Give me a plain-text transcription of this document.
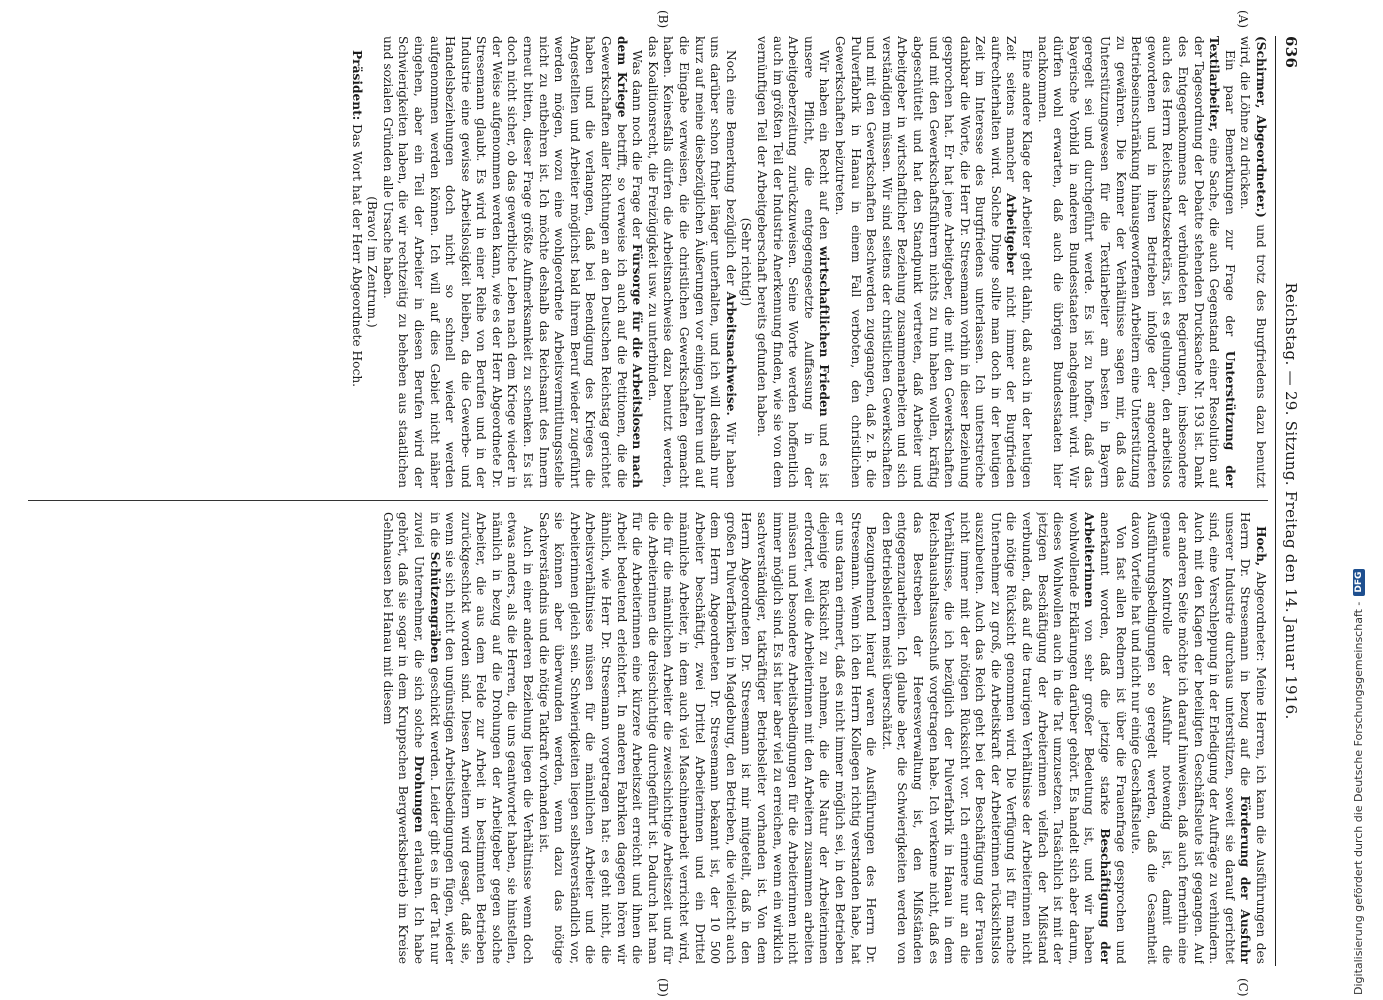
636
Reichstag. — 29. Sitzung. Freitag den 14. Januar 1916.
(A)
(B)
(C)
(D)

(Schirmer, Abgeordneter.) und trotz des Burgfriedens dazu benutzt wird, die Löhne zu drücken.

Ein paar Bemerkungen zur Frage der Unterstützung der Textilarbeiter, eine Sache, die auch Gegenstand einer Resolution auf der Tagesordnung der Debatte stehenden Drucksache Nr. 193 ist. Dank des Entgegenkommens der verbündeten Regierungen, insbesondere auch des Herrn Reichsschatzsekretärs, ist es gelungen, den arbeitslos gewordenen und in ihren Betrieben infolge der angeordneten Betriebseinschränkung hinausgeworfenen Arbeitern eine Unterstützung zu gewähren. Die Kenner der Verhältnisse sagen mir, daß das Unterstützungswesen für die Textilarbeiter am besten in Bayern geregelt sei und durchgeführt werde. Es ist zu hoffen, daß das bayerische Vorbild in anderen Bundesstaaten nachgeahmt wird. Wir dürfen wohl erwarten, daß auch die übrigen Bundesstaaten hier nachkommen.

Eine andere Klage der Arbeiter geht dahin, daß auch in der heutigen Zeit seitens mancher Arbeitgeber nicht immer der Burgfrieden aufrechterhalten wird. Solche Dinge sollte man doch in der heutigen Zeit im Interesse des Burgfriedens unterlassen. Ich unterstreiche dankbar die Worte, die Herr Dr. Stresemann vorhin in dieser Beziehung gesprochen hat. Er hat jene Arbeitgeber, die mit den Gewerkschaften und mit den Gewerkschaftsführern nichts zu tun haben wollen, kräftig abgeschüttelt und hat den Standpunkt vertreten, daß Arbeiter und Arbeitgeber in wirtschaftlicher Beziehung zusammenarbeiten und sich verständigen müssen. Wir sind seitens der christlichen Gewerkschaften und mit den Gewerkschaften Beschwerden zugegangen, daß z. B. die Pulverfabrik in Hanau in einem Fall verboten, den christlichen Gewerkschaften beizutreten.

Wir haben ein Recht auf den wirtschaftlichen Frieden und es ist unsere Pflicht, die entgegengesetzte Auffassung in der Arbeitgeberzeitung zurückzuweisen. Seine Worte werden hoffentlich auch im größten Teil der Industrie Anerkennung finden, wie sie von dem vernünftigen Teil der Arbeitgeberschaft bereits gefunden haben.

(Sehr richtig!)

Noch eine Bemerkung bezüglich der Arbeitsnachweise. Wir haben uns darüber schon früher länger unterhalten, und ich will deshalb nur kurz auf meine diesbezüglichen Äußerungen vor einigen Jahren und auf die Eingabe verweisen, die die christlichen Gewerkschaften gemacht haben. Keinesfalls dürfen die Arbeitsnachweise dazu benutzt werden, das Koalitionsrecht, die Freizügigkeit usw. zu unterbinden.

Was dann noch die Frage der Fürsorge für die Arbeitslosen nach dem Kriege betrifft, so verweise ich auch auf die Petitionen, die die Gewerkschaften aller Richtungen an den Deutschen Reichstag gerichtet haben und die verlangen, daß bei Beendigung des Krieges die Angestellten und Arbeiter möglichst bald ihrem Beruf wieder zugeführt werden mögen, wozu eine wohlgeordnete Arbeitsvermittlungsstelle nicht zu entbehren ist. Ich möchte deshalb das Reichsamt des Innern erneut bitten, dieser Frage größte Aufmerksamkeit zu schenken. Es ist doch nicht sicher, ob das gewerbliche Leben nach dem Kriege wieder in der Weise aufgenommen werden kann, wie es der Herr Abgeordnete Dr. Stresemann glaubt. Es wird in einer Reihe von Berufen und in der Industrie eine gewisse Arbeitslosigkeit bleiben, da die Gewerbe- und Handelsbeziehungen doch nicht so schnell wieder werden aufgenommen werden können. Ich will auf dies Gebiet nicht näher eingehen, aber ein Teil der Arbeiter in diesen Berufen wird der Schwierigkeiten haben, die wir rechtzeitig zu beheben aus staatlichen und sozialen Gründen alle Ursache haben.

(Bravo! im Zentrum.)

Präsident: Das Wort hat der Herr Abgeordnete Hoch.

Hoch, Abgeordneter: Meine Herren, ich kann die Ausführungen des Herrn Dr. Stresemann in bezug auf die Förderung der Ausfuhr unserer Industrie durchaus unterstützen, soweit sie darauf gerichtet sind, eine Verschleppung in der Erledigung der Aufträge zu verhindern. Auch mit den Klagen der beteiligten Geschäftsleute ist gegangen. Auf der anderen Seite möchte ich darauf hinweisen, daß auch fernerhin eine genaue Kontrolle der Ausfuhr notwendig ist, damit die Ausführungsbedingungen so geregelt werden, daß die Gesamtheit davon Vorteile hat und nicht nur einige Geschäftsleute.

Von fast allen Rednern ist über die Frauenfrage gesprochen und anerkannt worden, daß die jetzige starke Beschäftigung der Arbeiterinnen von sehr großer Bedeutung ist, und wir haben wohlwollende Erklärungen darüber gehört. Es handelt sich aber darum, dieses Wohlwollen auch in die Tat umzusetzen. Tatsächlich ist mit der jetzigen Beschäftigung der Arbeiterinnen vielfach der Mißstand verbunden, daß auf die traurigen Verhältnisse der Arbeiterinnen nicht die nötige Rücksicht genommen wird. Die Verfügung ist für manche Unternehmer zu groß, die Arbeitskraft der Arbeiterinnen rücksichtslos auszubeuten. Auch das Reich geht bei der Beschäftigung der Frauen nicht immer mit der nötigen Rücksicht vor. Ich erinnere nur an die Verhältnisse, die ich bezüglich der Pulverfabrik in Hanau in dem Reichshaushaltsausschuß vorgetragen habe. Ich verkenne nicht, daß es das Bestreben der Heeresverwaltung ist, den Mißständen entgegenzuarbeiten. Ich glaube aber, die Schwierigkeiten werden von den Betriebsleitern meist überschätzt.

Bezugnehmend hierauf waren die Ausführungen des Herrn Dr. Stresemann. Wenn ich den Herrn Kollegen richtig verstanden habe, hat er uns daran erinnert, daß es nicht immer möglich sei, in den Betrieben diejenige Rücksicht zu nehmen, die die Natur der Arbeiterinnen erfordert, weil die Arbeiterinnen mit den Arbeitern zusammen arbeiten müssen und besondere Arbeitsbedingungen für die Arbeiterinnen nicht immer möglich sind. Es ist hier aber viel zu erreichen, wenn ein wirklich sachverständiger, tatkräftiger Betriebsleiter vorhanden ist. Von dem Herrn Abgeordneten Dr. Stresemann ist mir mitgeteilt, daß in den großen Pulverfabriken in Magdeburg, den Betrieben, die vielleicht auch dem Herrn Abgeordneten Dr. Stresemann bekannt ist, der 10 500 Arbeiter beschäftigt, zwei Drittel Arbeiterinnen und ein Drittel männliche Arbeiter, in dem auch viel Maschinenarbeit verrichtet wird, die für die männlichen Arbeiter die zweischichtige Arbeitszeit und für die Arbeiterinnen die dreischichtige durchgeführt ist. Dadurch hat man für die Arbeiterinnen eine kürzere Arbeitszeit erreicht und ihnen die Arbeit bedeutend erleichtert. In anderen Fabriken dagegen hören wir ähnlich, wie Herr Dr. Stresemann vorgetragen hat: es geht nicht, die Arbeitsverhältnisse müssen für die männlichen Arbeiter und die Arbeiterinnen gleich sein. Schwierigkeiten liegen selbstverständlich vor, sie können aber überwunden werden, wenn dazu das nötige Sachverständnis und die nötige Tatkraft vorhanden ist.

Auch in einer anderen Beziehung liegen die Verhältnisse wenn doch etwas anders, als die Herren, die uns geantwortet haben, sie hinstellen, nämlich in bezug auf die Drohungen der Arbeitgeber gegen solche Arbeiter, die aus dem Felde zur Arbeit in bestimmten Betrieben zurückgeschickt worden sind. Diesen Arbeitern wird gesagt, daß sie, wenn sie sich nicht den ungünstigen Arbeitsbedingungen fügen, wieder in die Schützengräben geschickt werden. Leider gibt es in der Tat nur zuviel Unternehmer, die sich solche Drohungen erlauben. Ich habe gehört, daß sie sogar in dem Kruppschen Bergwerksbetrieb im Kreise Gelnhausen bei Hanau mit diesem	Digitalisierung gefördert durch die Deutsche Forschungsgemeinschaft -
DFG
